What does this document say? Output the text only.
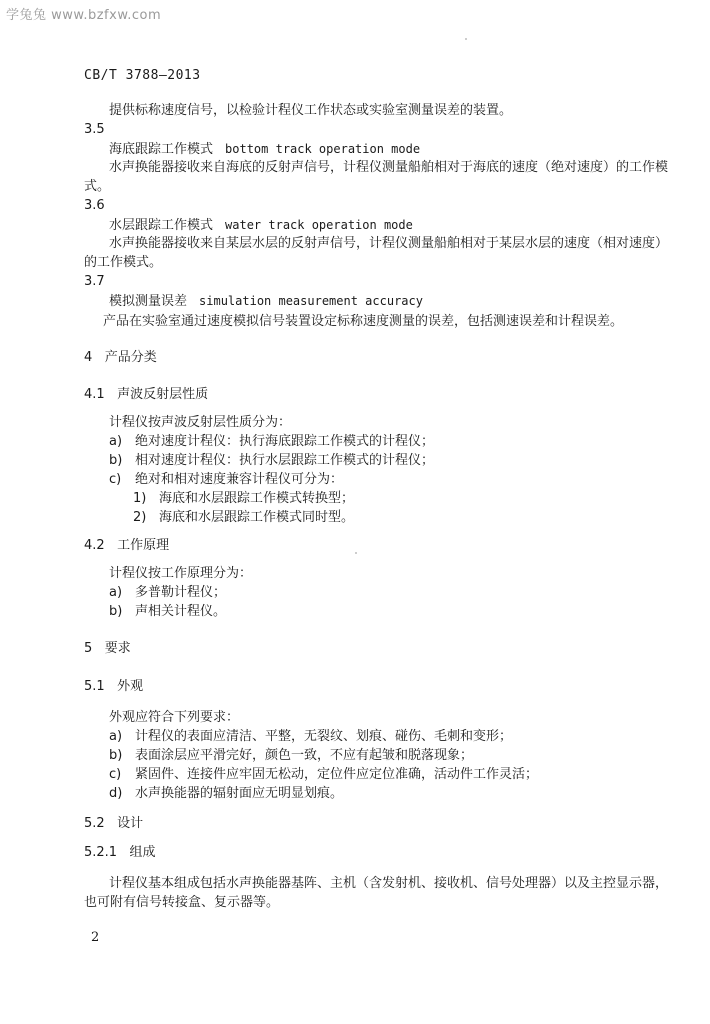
学兔兔 www.bzfxw.com
CB/T 3788—2013
提供标称速度信号，以检验计程仪工作状态或实验室测量误差的装置。
3.5
海底跟踪工作模式 bottom track operation mode
水声换能器接收来自海底的反射声信号，计程仪测量船舶相对于海底的速度（绝对速度）的工作模
式。
3.6
水层跟踪工作模式 water track operation mode
水声换能器接收来自某层水层的反射声信号，计程仪测量船舶相对于某层水层的速度（相对速度）
的工作模式。
3.7
模拟测量误差 simulation measurement accuracy
产品在实验室通过速度模拟信号装置设定标称速度测量的误差，包括测速误差和计程误差。
4 产品分类
4.1 声波反射层性质
计程仪按声波反射层性质分为：
a) 绝对速度计程仪：执行海底跟踪工作模式的计程仪；
b) 相对速度计程仪：执行水层跟踪工作模式的计程仪；
c) 绝对和相对速度兼容计程仪可分为：
1) 海底和水层跟踪工作模式转换型；
2) 海底和水层跟踪工作模式同时型。
4.2 工作原理
计程仪按工作原理分为：
a) 多普勒计程仪；
b) 声相关计程仪。
5 要求
5.1 外观
外观应符合下列要求：
a) 计程仪的表面应清洁、平整，无裂纹、划痕、碰伤、毛刺和变形；
b) 表面涂层应平滑完好，颜色一致，不应有起皱和脱落现象；
c) 紧固件、连接件应牢固无松动，定位件应定位准确，活动件工作灵活；
d) 水声换能器的辐射面应无明显划痕。
5.2 设计
5.2.1 组成
计程仪基本组成包括水声换能器基阵、主机（含发射机、接收机、信号处理器）以及主控显示器，
也可附有信号转接盒、复示器等。
2
